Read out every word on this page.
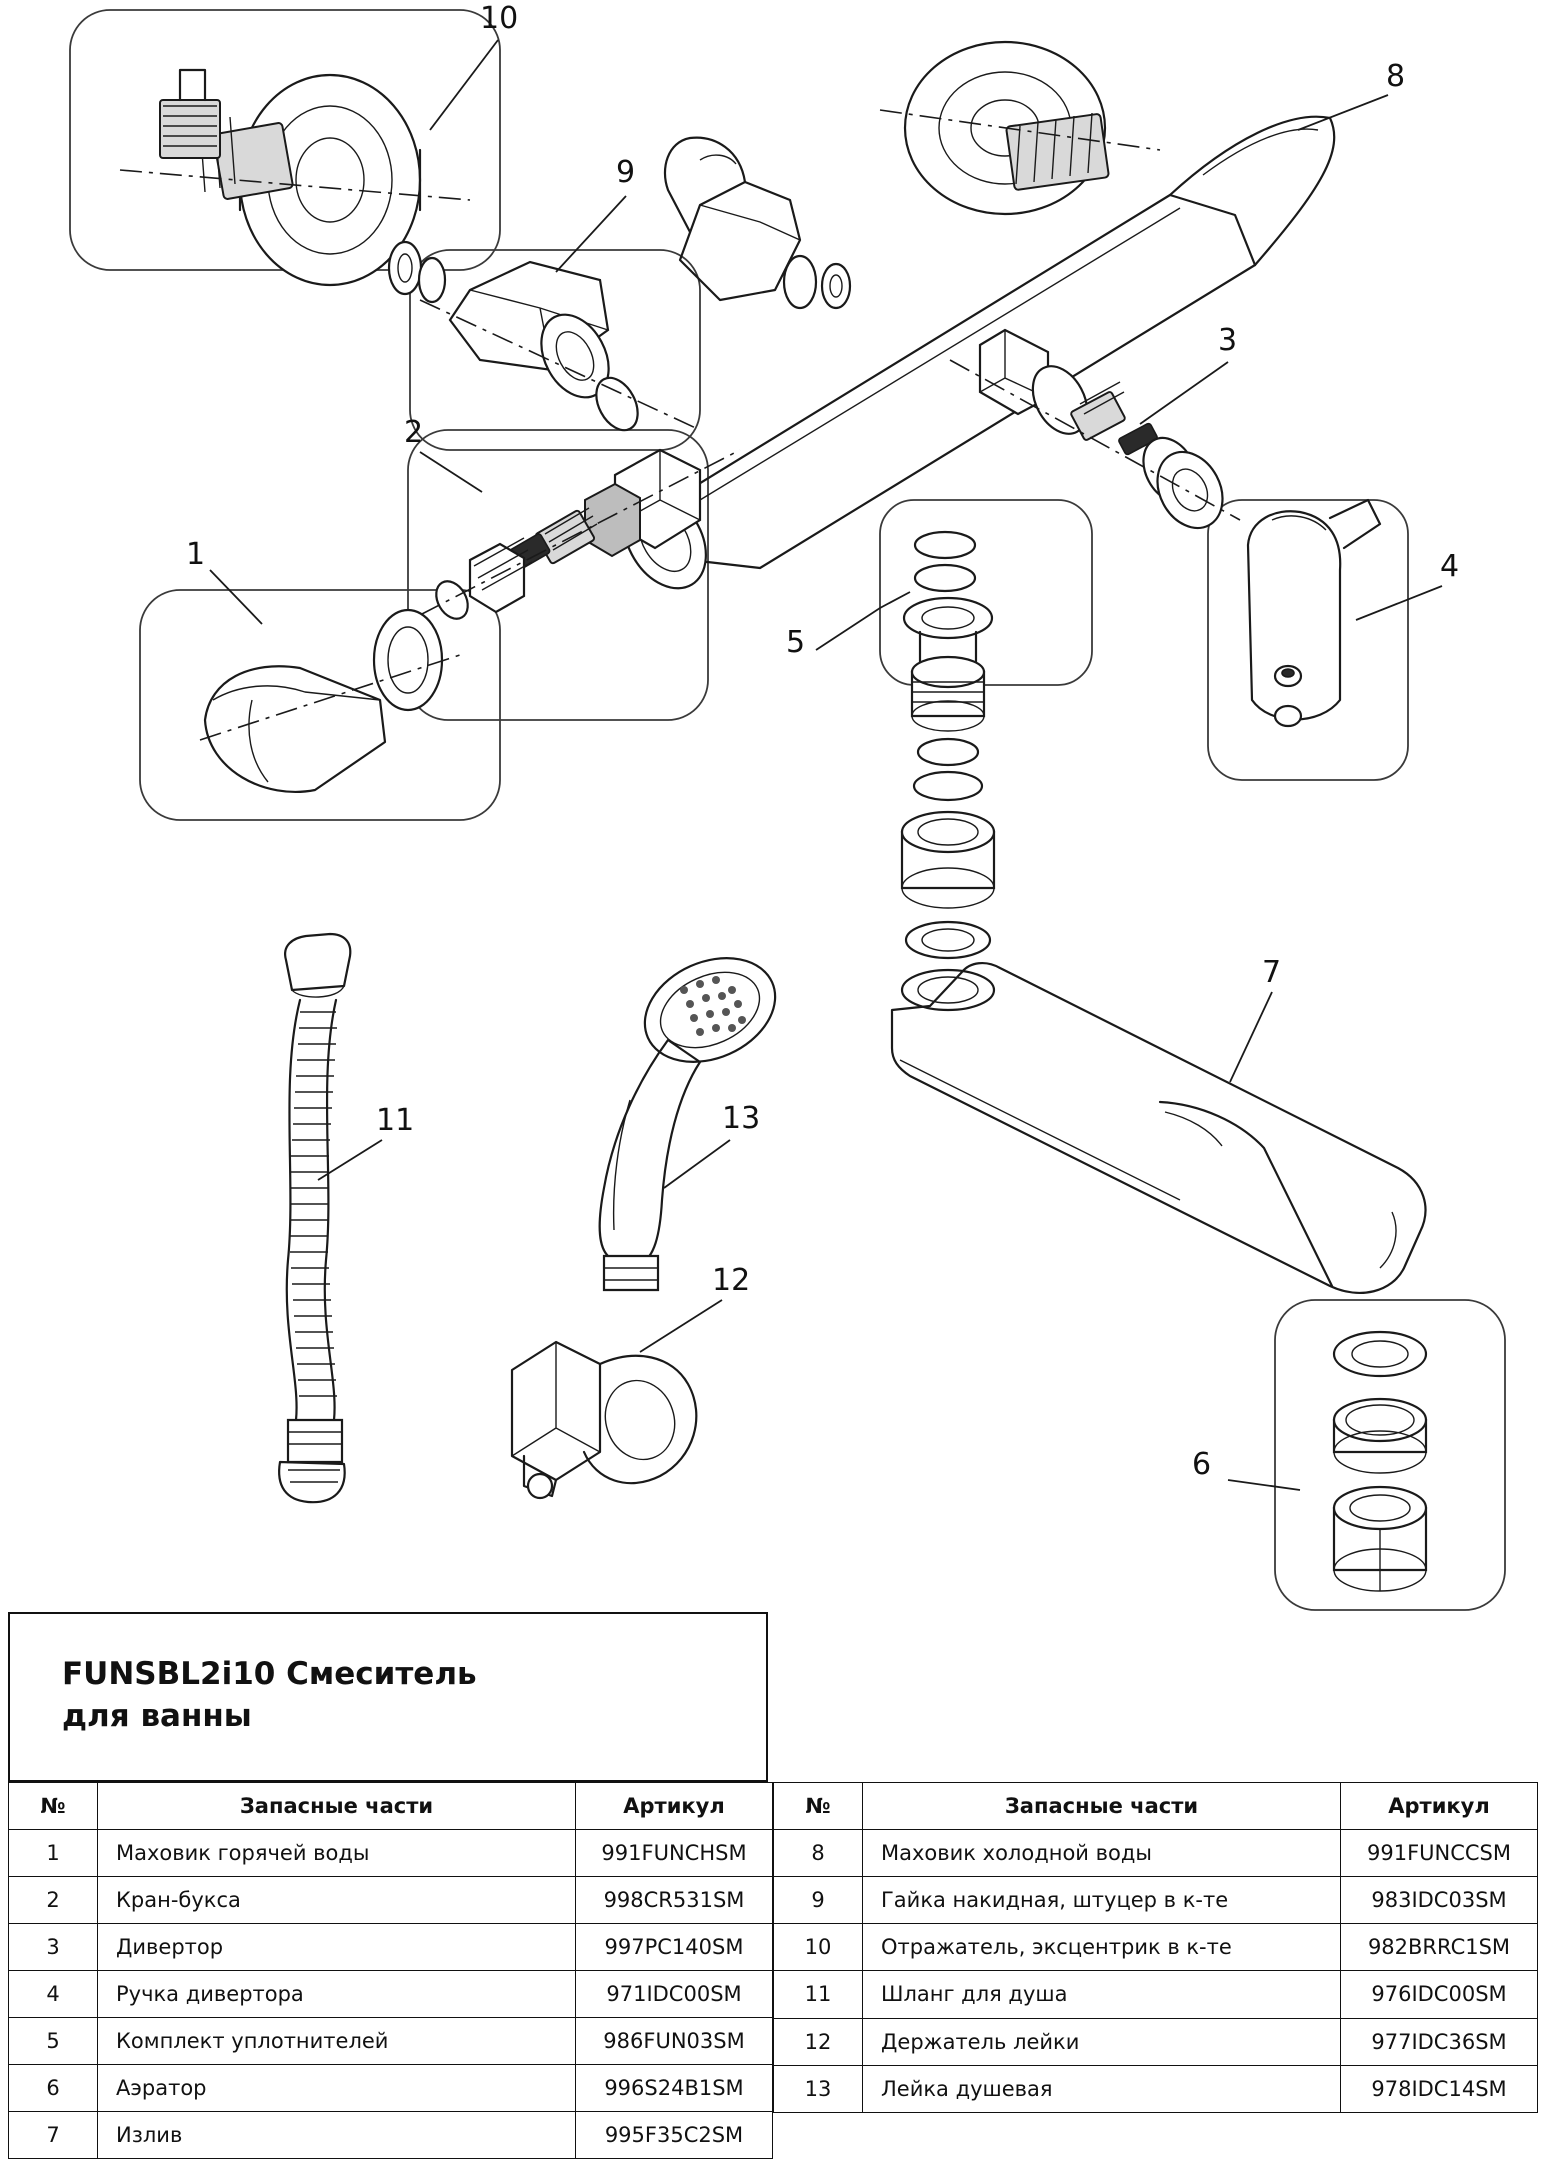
10
9
8
3
2
1	4
5
7
11	13
12
6
FUNSBL2i10 Смеситель
для ванны
№	Запасные части	Артикул
1	Маховик горячей воды	991FUNCHSM
2	Кран-букса	998CR531SM
3	Дивертор	997PC140SM
4	Ручка дивертора	971IDC00SM
5	Комплект уплотнителей	986FUN03SM
6	Аэратор	996S24B1SM
7	Излив	995F35C2SM
№	Запасные части	Артикул
8	Маховик холодной воды	991FUNCCSM
9	Гайка накидная, штуцер в к-те	983IDC03SM
10	Отражатель, эксцентрик в к-те	982BRRC1SM
11	Шланг для душа	976IDC00SM
12	Держатель лейки	977IDC36SM
13	Лейка душевая	978IDC14SM
